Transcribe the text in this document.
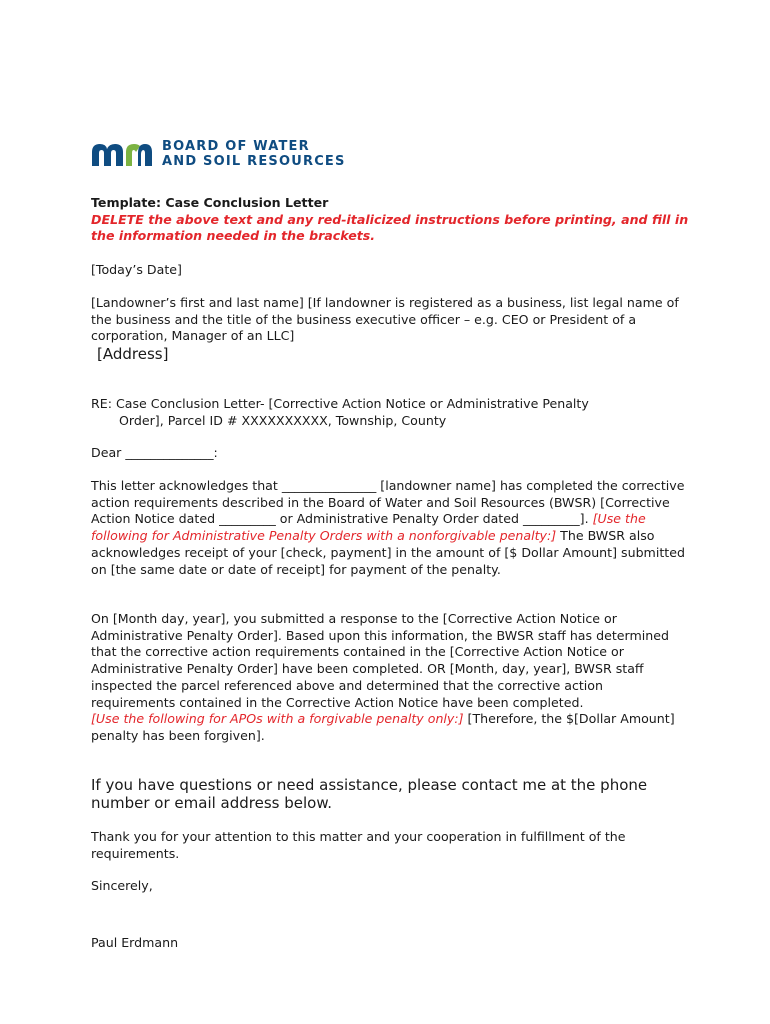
BOARD OF WATER
AND SOIL RESOURCES
Template: Case Conclusion Letter
DELETE the above text and any red-italicized instructions before printing, and fill in the information needed in the brackets.
[Today’s Date]
[Landowner’s first and last name] [If landowner is registered as a business, list legal name of the business and the title of the business executive officer – e.g. CEO or President of a corporation, Manager of an LLC]
[Address]
RE: Case Conclusion Letter- [Corrective Action Notice or Administrative Penalty
Order], Parcel ID # XXXXXXXXXX, Township, County
Dear ______________:
This letter acknowledges that _______________ [landowner name] has completed the corrective action requirements described in the Board of Water and Soil Resources (BWSR) [Corrective Action Notice dated _________ or Administrative Penalty Order dated _________]. [Use the following for Administrative Penalty Orders with a nonforgivable penalty:] The BWSR also acknowledges receipt of your [check, payment] in the amount of [$ Dollar Amount] submitted on [the same date or date of receipt] for payment of the penalty.
On [Month day, year], you submitted a response to the [Corrective Action Notice or Administrative Penalty Order]. Based upon this information, the BWSR staff has determined that the corrective action requirements contained in the [Corrective Action Notice or Administrative Penalty Order] have been completed. OR [Month, day, year], BWSR staff inspected the parcel referenced above and determined that the corrective action requirements contained in the Corrective Action Notice have been completed.
[Use the following for APOs with a forgivable penalty only:] [Therefore, the $[Dollar Amount] penalty has been forgiven].
If you have questions or need assistance, please contact me at the phone number or email address below.
Thank you for your attention to this matter and your cooperation in fulfillment of the requirements.
Sincerely,
Paul Erdmann
